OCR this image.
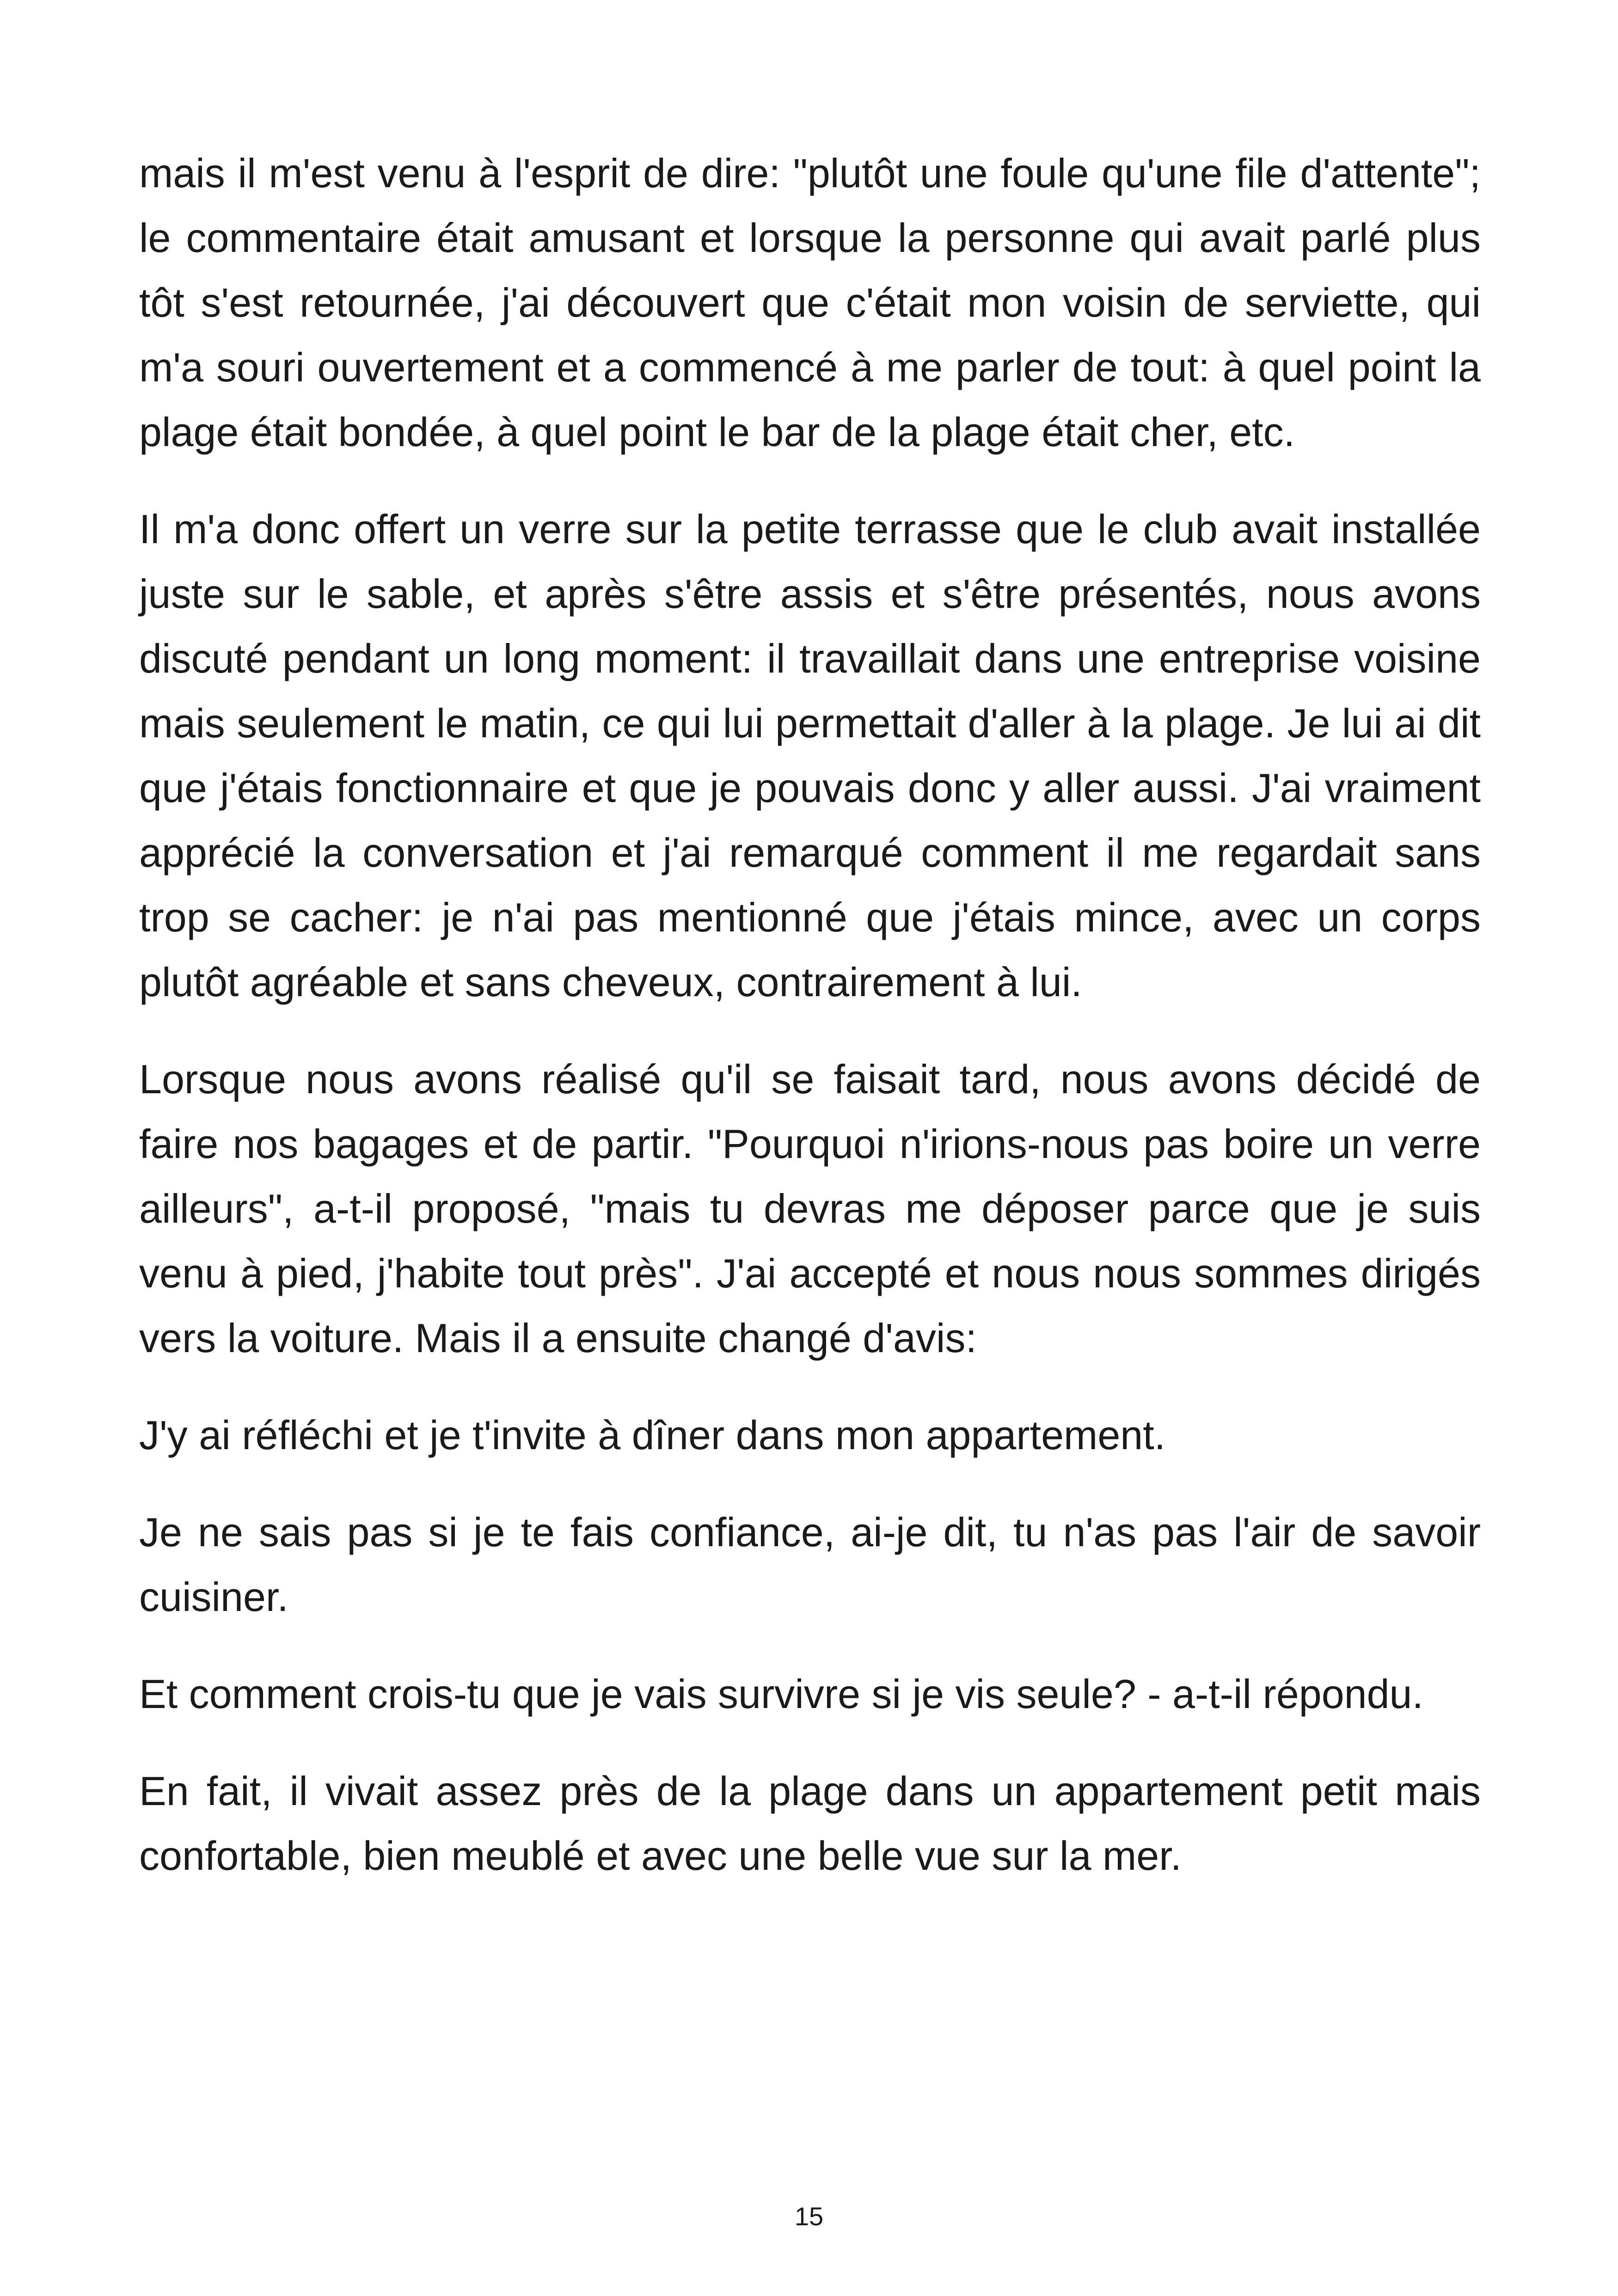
mais il m'est venu à l'esprit de dire: "plutôt une foule qu'une file d'attente"; le commentaire était amusant et lorsque la personne qui avait parlé plus tôt s'est retournée, j'ai découvert que c'était mon voisin de serviette, qui m'a souri ouvertement et a commencé à me parler de tout: à quel point la plage était bondée, à quel point le bar de la plage était cher, etc.

Il m'a donc offert un verre sur la petite terrasse que le club avait installée juste sur le sable, et après s'être assis et s'être présentés, nous avons discuté pendant un long moment: il travaillait dans une entreprise voisine mais seulement le matin, ce qui lui permettait d'aller à la plage. Je lui ai dit que j'étais fonctionnaire et que je pouvais donc y aller aussi. J'ai vraiment apprécié la conversation et j'ai remarqué comment il me regardait sans trop se cacher: je n'ai pas mentionné que j'étais mince, avec un corps plutôt agréable et sans cheveux, contrairement à lui.

Lorsque nous avons réalisé qu'il se faisait tard, nous avons décidé de faire nos bagages et de partir. "Pourquoi n'irions-nous pas boire un verre ailleurs", a-t-il proposé, "mais tu devras me déposer parce que je suis venu à pied, j'habite tout près". J'ai accepté et nous nous sommes dirigés vers la voiture. Mais il a ensuite changé d'avis:

J'y ai réfléchi et je t'invite à dîner dans mon appartement.

Je ne sais pas si je te fais confiance, ai-je dit, tu n'as pas l'air de savoir cuisiner.

Et comment crois-tu que je vais survivre si je vis seule? - a-t-il répondu.

En fait, il vivait assez près de la plage dans un appartement petit mais confortable, bien meublé et avec une belle vue sur la mer.

15
